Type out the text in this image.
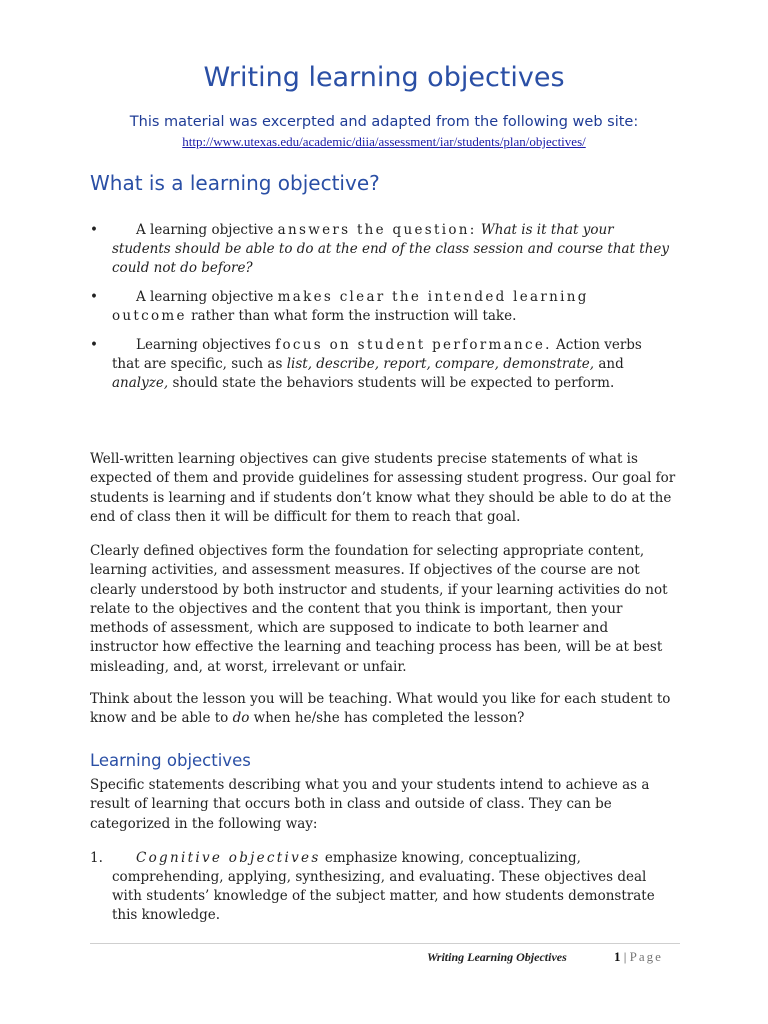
Writing learning objectives
This material was excerpted and adapted from the following web site:
http://www.utexas.edu/academic/diia/assessment/iar/students/plan/objectives/
What is a learning objective?
•	A learning objective answers the question: What is it that your students should be able to do at the end of the class session and course that they could not do before?
•	A learning objective makes clear the intended learning outcome rather than what form the instruction will take.
•	Learning objectives focus on student performance. Action verbs that are specific, such as list, describe, report, compare, demonstrate, and analyze, should state the behaviors students will be expected to perform.
Well-written learning objectives can give students precise statements of what is expected of them and provide guidelines for assessing student progress. Our goal for students is learning and if students don’t know what they should be able to do at the end of class then it will be difficult for them to reach that goal.
Clearly defined objectives form the foundation for selecting appropriate content, learning activities, and assessment measures. If objectives of the course are not clearly understood by both instructor and students, if your learning activities do not relate to the objectives and the content that you think is important, then your methods of assessment, which are supposed to indicate to both learner and instructor how effective the learning and teaching process has been, will be at best misleading, and, at worst, irrelevant or unfair.
Think about the lesson you will be teaching. What would you like for each student to know and be able to do when he/she has completed the lesson?
Learning objectives
Specific statements describing what you and your students intend to achieve as a result of learning that occurs both in class and outside of class. They can be categorized in the following way:
1.	Cognitive objectives emphasize knowing, conceptualizing, comprehending, applying, synthesizing, and evaluating. These objectives deal with students’ knowledge of the subject matter, and how students demonstrate this knowledge.
Writing Learning Objectives	1 | Page
